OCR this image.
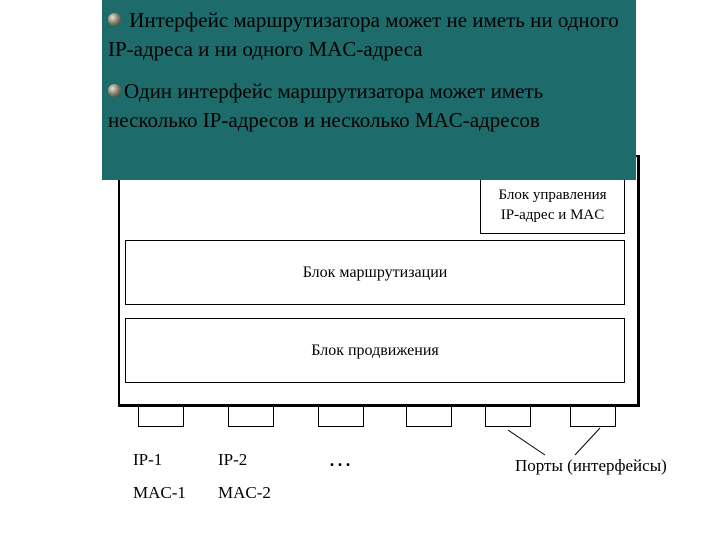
Блок управления
IP-адрес и MAC
Блок маршрутизации
Блок продвижения
IP-1	IP-2
MAC-1 MAC-2
…	Порты (интерфейсы)

Интерфейс маршрутизатора может не иметь ни одного IP-адреса и ни одного MAC-адреса

Один интерфейс маршрутизатора может иметь несколько IP-адресов и несколько MAC-адресов
